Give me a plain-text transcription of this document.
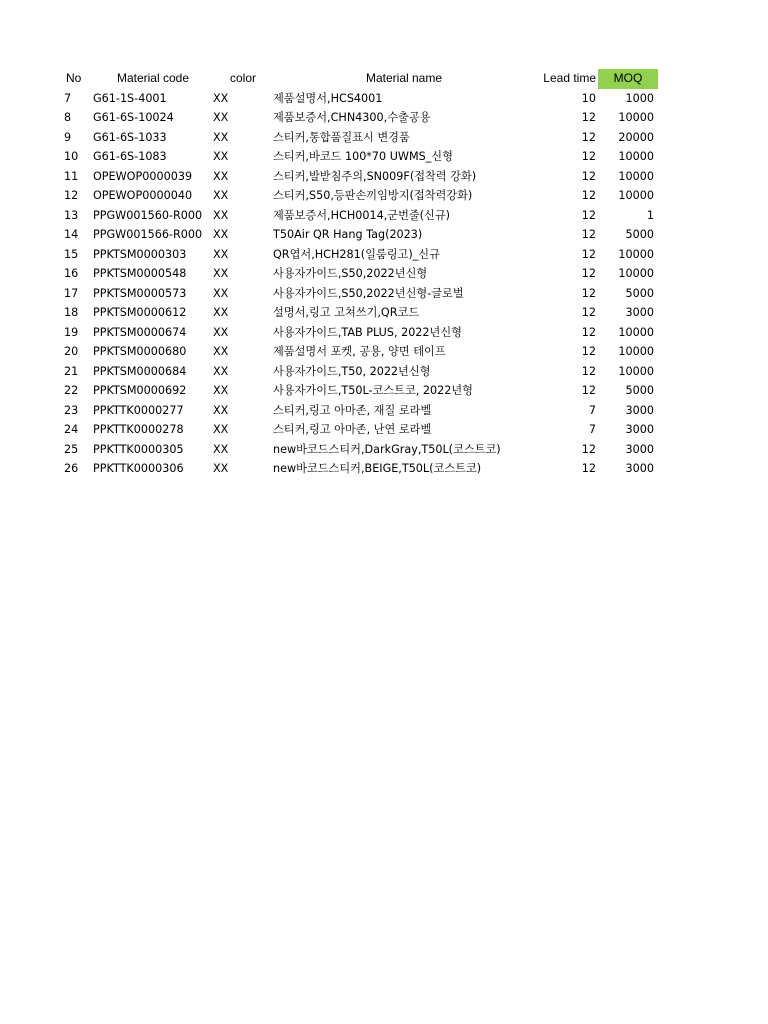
No	Material code	color	Material name	Lead time	MOQ
7	G61-1S-4001	XX	제품설명서,HCS4001	10	1000
8	G61-6S-10024	XX	제품보증서,CHN4300,수출공용	12	10000
9	G61-6S-1033	XX	스티커,통합품질표시 변경품	12	20000
10	G61-6S-1083	XX	스티커,바코드 100*70 UWMS_신형	12	10000
11	OPEWOP0000039	XX	스티커,발받침주의,SN009F(접착력 강화)	12	10000
12	OPEWOP0000040	XX	스티커,S50,등판손끼임방지(접착력강화)	12	10000
13	PPGW001560-R000	XX	제품보증서,HCH0014,군번줄(신규)	12	1
14	PPGW001566-R000	XX	T50Air QR Hang Tag(2023)	12	5000
15	PPKTSM0000303	XX	QR엽서,HCH281(일룸링고)_신규	12	10000
16	PPKTSM0000548	XX	사용자가이드,S50,2022년신형	12	10000
17	PPKTSM0000573	XX	사용자가이드,S50,2022년신형-글로벌	12	5000
18	PPKTSM0000612	XX	설명서,링고 고쳐쓰기,QR코드	12	3000
19	PPKTSM0000674	XX	사용자가이드,TAB PLUS, 2022년신형	12	10000
20	PPKTSM0000680	XX	제품설명서 포켓, 공용, 양면 테이프	12	10000
21	PPKTSM0000684	XX	사용자가이드,T50, 2022년신형	12	10000
22	PPKTSM0000692	XX	사용자가이드,T50L-코스트코, 2022년형	12	5000
23	PPKTTK0000277	XX	스티커,링고 아마존, 재질 로라벨	7	3000
24	PPKTTK0000278	XX	스티커,링고 아마존, 난연 로라벨	7	3000
25	PPKTTK0000305	XX	new바코드스티커,DarkGray,T50L(코스트코)	12	3000
26	PPKTTK0000306	XX	new바코드스티커,BEIGE,T50L(코스트코)	12	3000
